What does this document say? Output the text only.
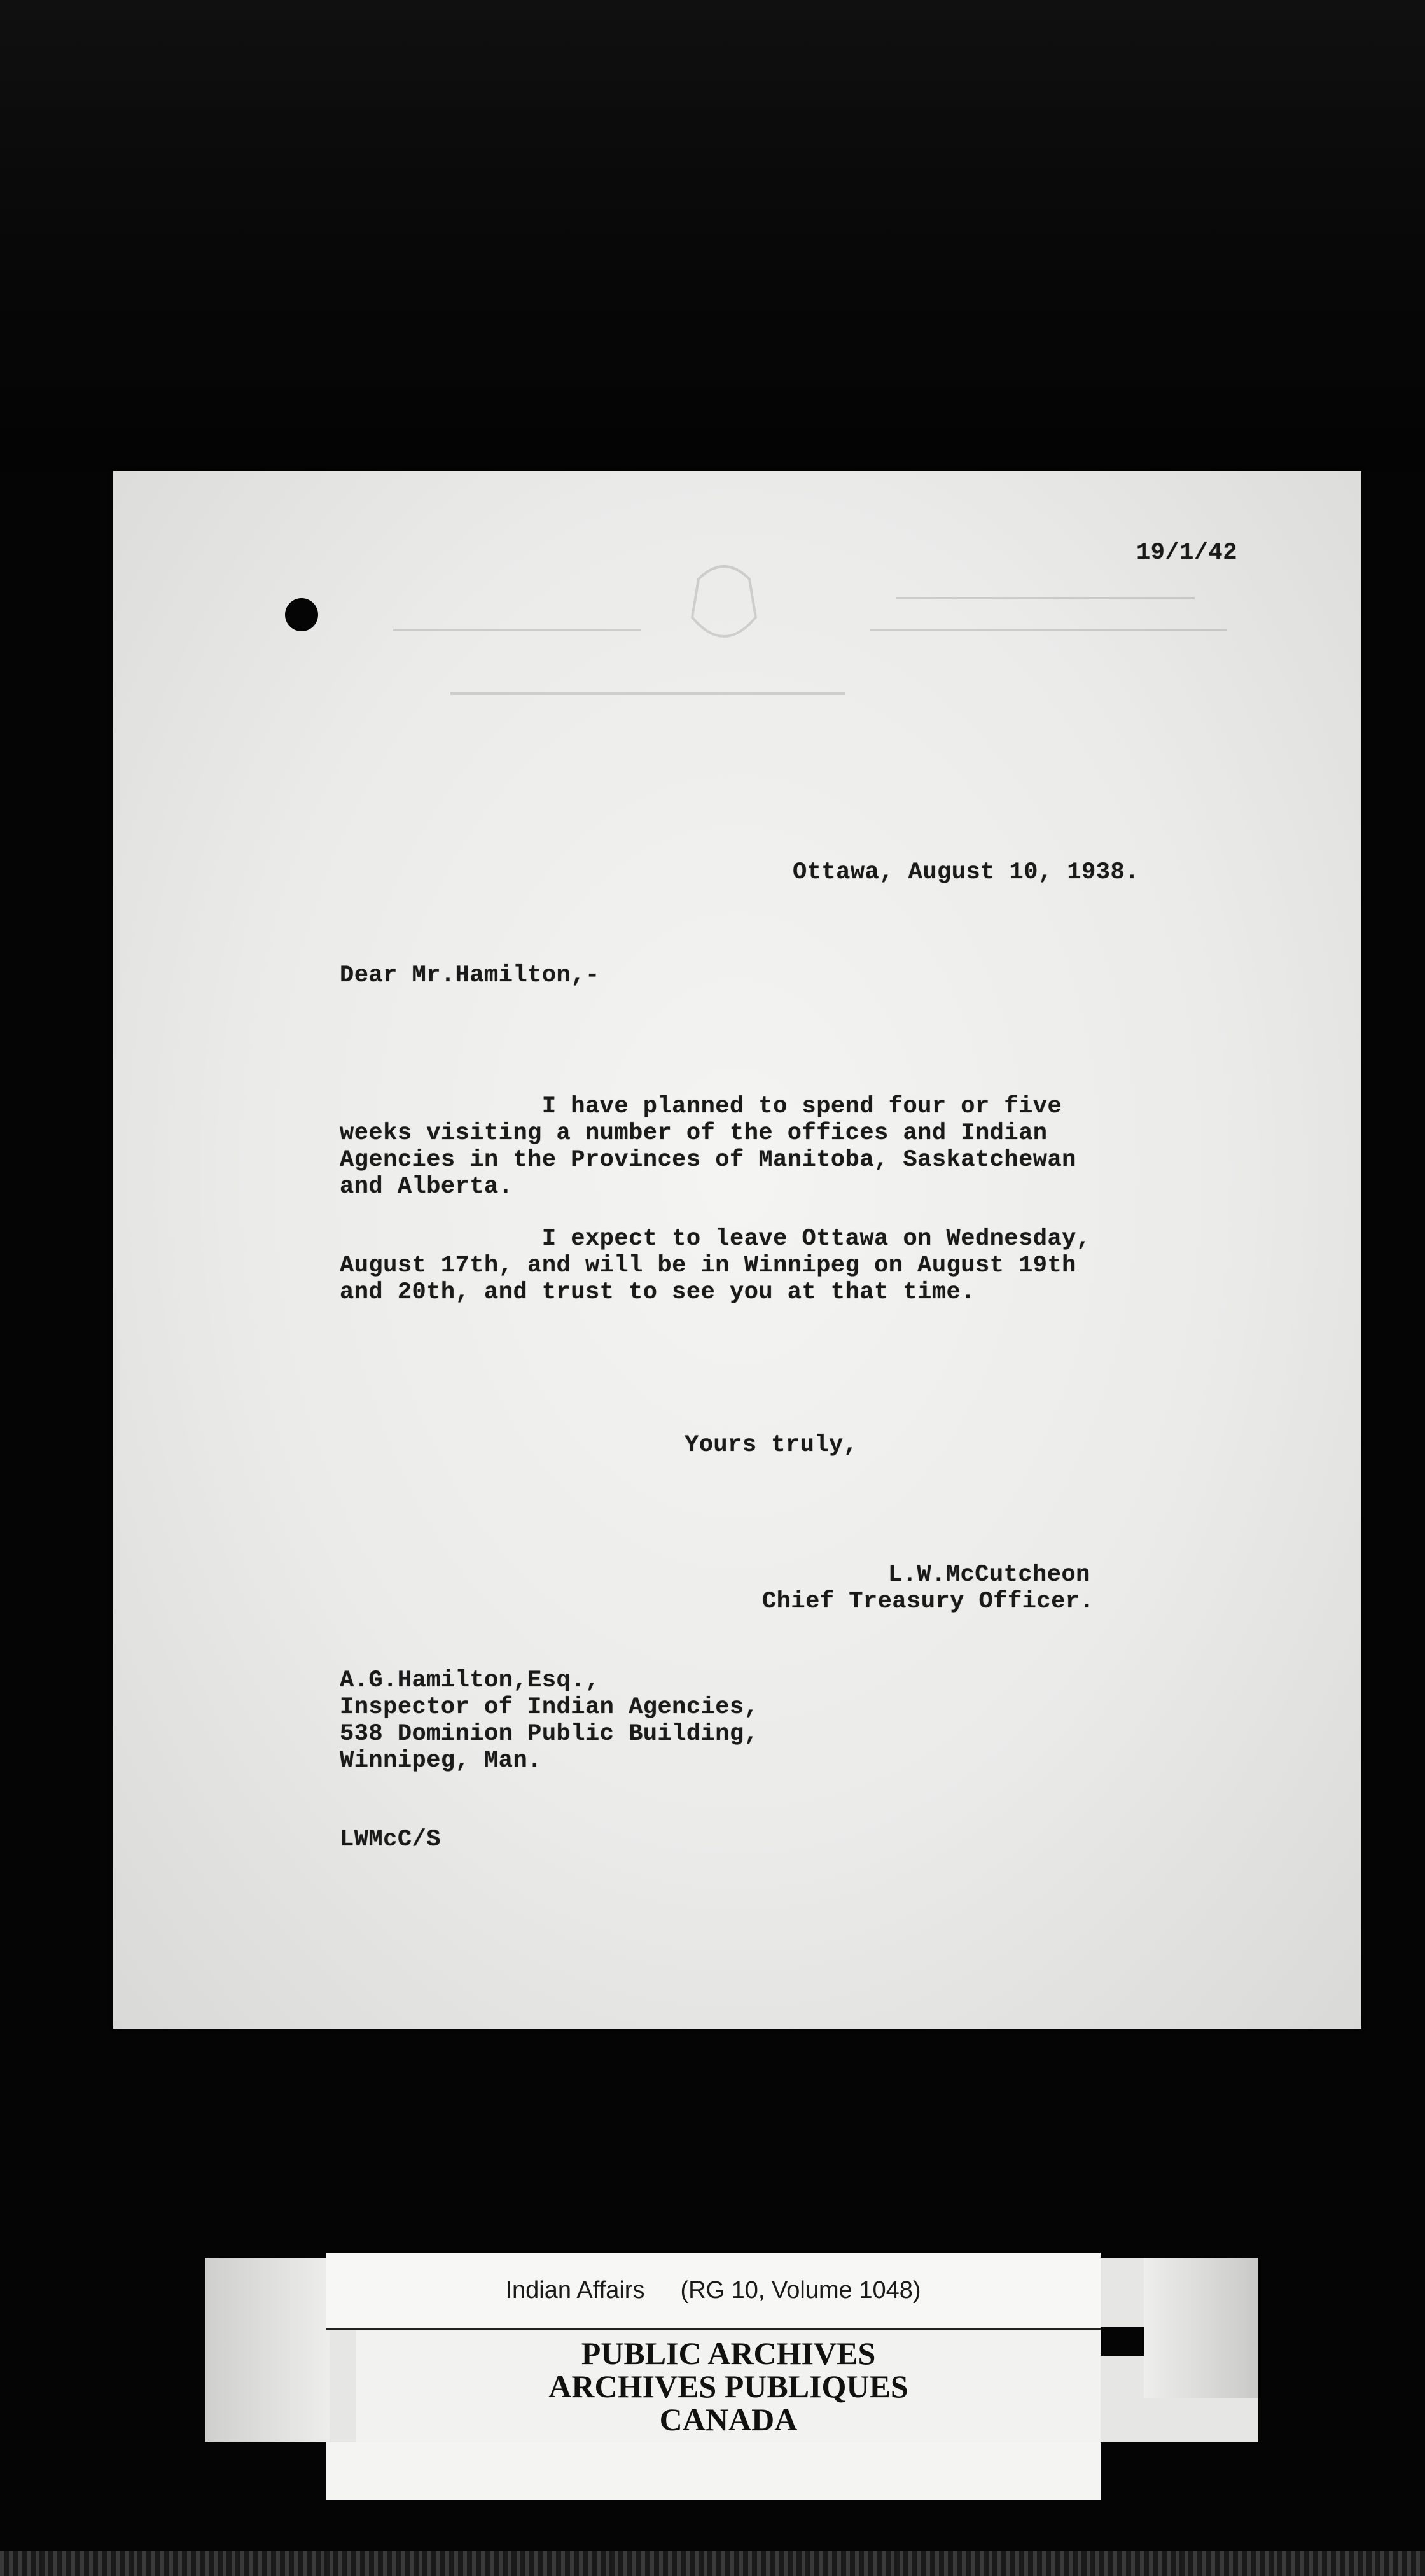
19/1/42
Ottawa, August 10, 1938.
Dear Mr.Hamilton,-
I have planned to spend four or five
weeks visiting a number of the offices and Indian
Agencies in the Provinces of Manitoba, Saskatchewan
and Alberta.
I expect to leave Ottawa on Wednesday,
August 17th, and will be in Winnipeg on August 19th
and 20th, and trust to see you at that time.
Yours truly,
L.W.McCutcheon
Chief Treasury Officer.
A.G.Hamilton,Esq.,
Inspector of Indian Agencies,
538 Dominion Public Building,
Winnipeg, Man.
LWMcC/S
Indian Affairs (RG 10, Volume 1048)
PUBLIC ARCHIVES
ARCHIVES PUBLIQUES
CANADA
